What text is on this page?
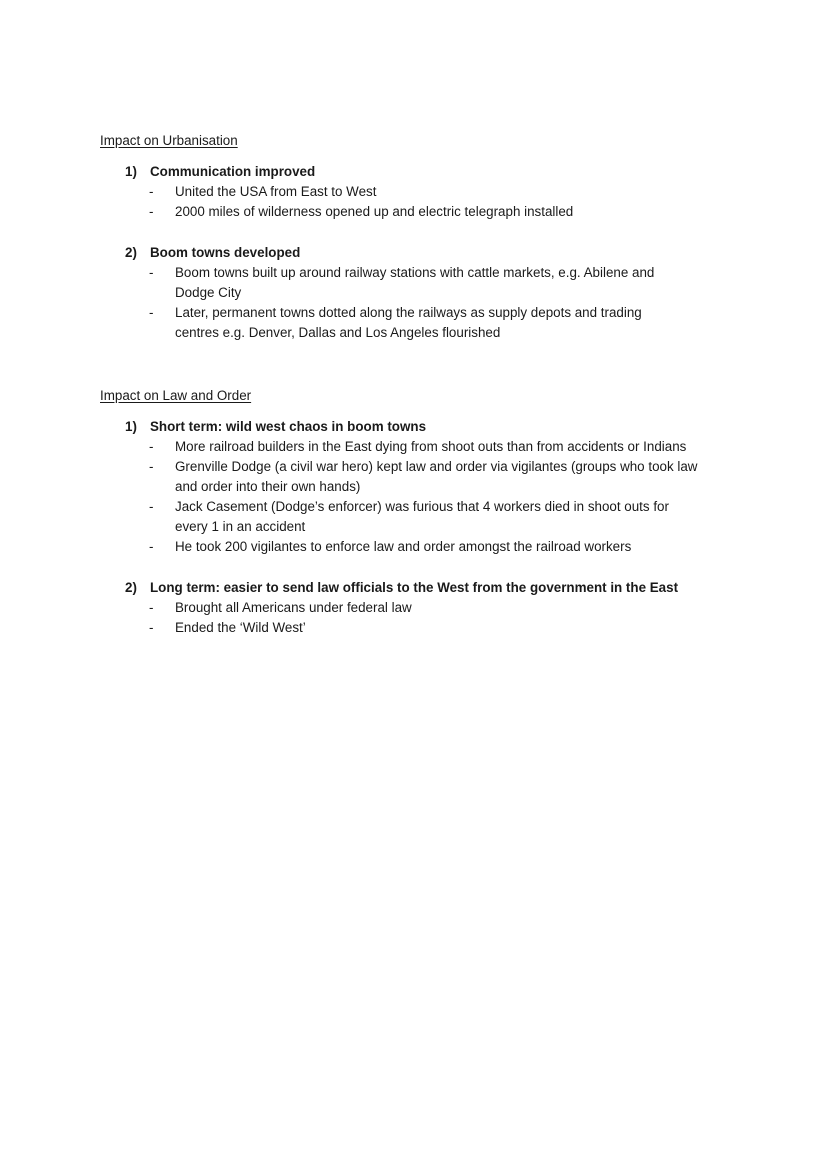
Impact on Urbanisation

1) Communication improved
- United the USA from East to West
- 2000 miles of wilderness opened up and electric telegraph installed
2) Boom towns developed
- Boom towns built up around railway stations with cattle markets, e.g. Abilene and Dodge City
- Later, permanent towns dotted along the railways as supply depots and trading centres e.g. Denver, Dallas and Los Angeles flourished

Impact on Law and Order

1) Short term: wild west chaos in boom towns
- More railroad builders in the East dying from shoot outs than from accidents or Indians
- Grenville Dodge (a civil war hero) kept law and order via vigilantes (groups who took law and order into their own hands)
- Jack Casement (Dodge’s enforcer) was furious that 4 workers died in shoot outs for every 1 in an accident
- He took 200 vigilantes to enforce law and order amongst the railroad workers
2) Long term: easier to send law officials to the West from the government in the East
- Brought all Americans under federal law
- Ended the ‘Wild West’
